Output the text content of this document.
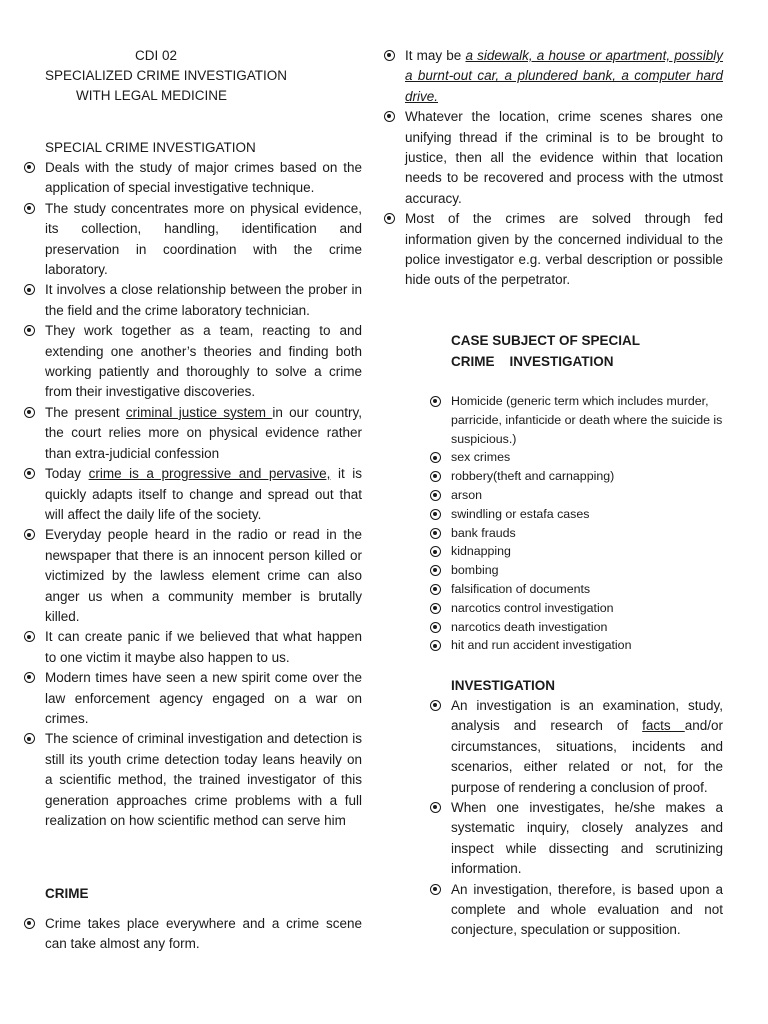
CDI 02
SPECIALIZED CRIME INVESTIGATION
WITH LEGAL MEDICINE
SPECIAL CRIME INVESTIGATION
Deals with the study of major crimes based on the application of special investigative technique.
The study concentrates more on physical evidence, its collection, handling, identification and preservation in coordination with the crime laboratory.
It involves a close relationship between the prober in the field and the crime laboratory technician.
They work together as a team, reacting to and extending one another’s theories and finding both working patiently and thoroughly to solve a crime from their investigative discoveries.
The present criminal justice system in our country, the court relies more on physical evidence rather than extra-judicial confession
Today crime is a progressive and pervasive, it is quickly adapts itself to change and spread out that will affect the daily life of the society.
Everyday people heard in the radio or read in the newspaper that there is an innocent person killed or victimized by the lawless element crime can also anger us when a community member is brutally killed.
It can create panic if we believed that what happen to one victim it maybe also happen to us.
Modern times have seen a new spirit come over the law enforcement agency engaged on a war on crimes.
The science of criminal investigation and detection is still its youth crime detection today leans heavily on a scientific method, the trained investigator of this generation approaches crime problems with a full realization on how scientific method can serve him
CRIME
Crime takes place everywhere and a crime scene can take almost any form.
It may be a sidewalk, a house or apartment, possibly a burnt-out car, a plundered bank, a computer hard drive.
Whatever the location, crime scenes shares one unifying thread if the criminal is to be brought to justice, then all the evidence within that location needs to be recovered and process with the utmost accuracy.
Most of the crimes are solved through fed information given by the concerned individual to the police investigator e.g. verbal description or possible hide outs of the perpetrator.
CASE SUBJECT OF SPECIAL
CRIME    INVESTIGATION
Homicide (generic term which includes murder, parricide, infanticide or death where the suicide is suspicious.)
sex crimes
robbery(theft and carnapping)
arson
swindling or estafa cases
bank frauds
kidnapping
bombing
falsification of documents
narcotics control investigation
narcotics death investigation
hit and run accident investigation
INVESTIGATION
An investigation is an examination, study, analysis and research of facts and/or circumstances, situations, incidents and scenarios, either related or not, for the purpose of rendering a conclusion of proof.
When one investigates, he/she makes a systematic inquiry, closely analyzes and inspect while dissecting and scrutinizing information.
An investigation, therefore, is based upon a complete and whole evaluation and not conjecture, speculation or supposition.
